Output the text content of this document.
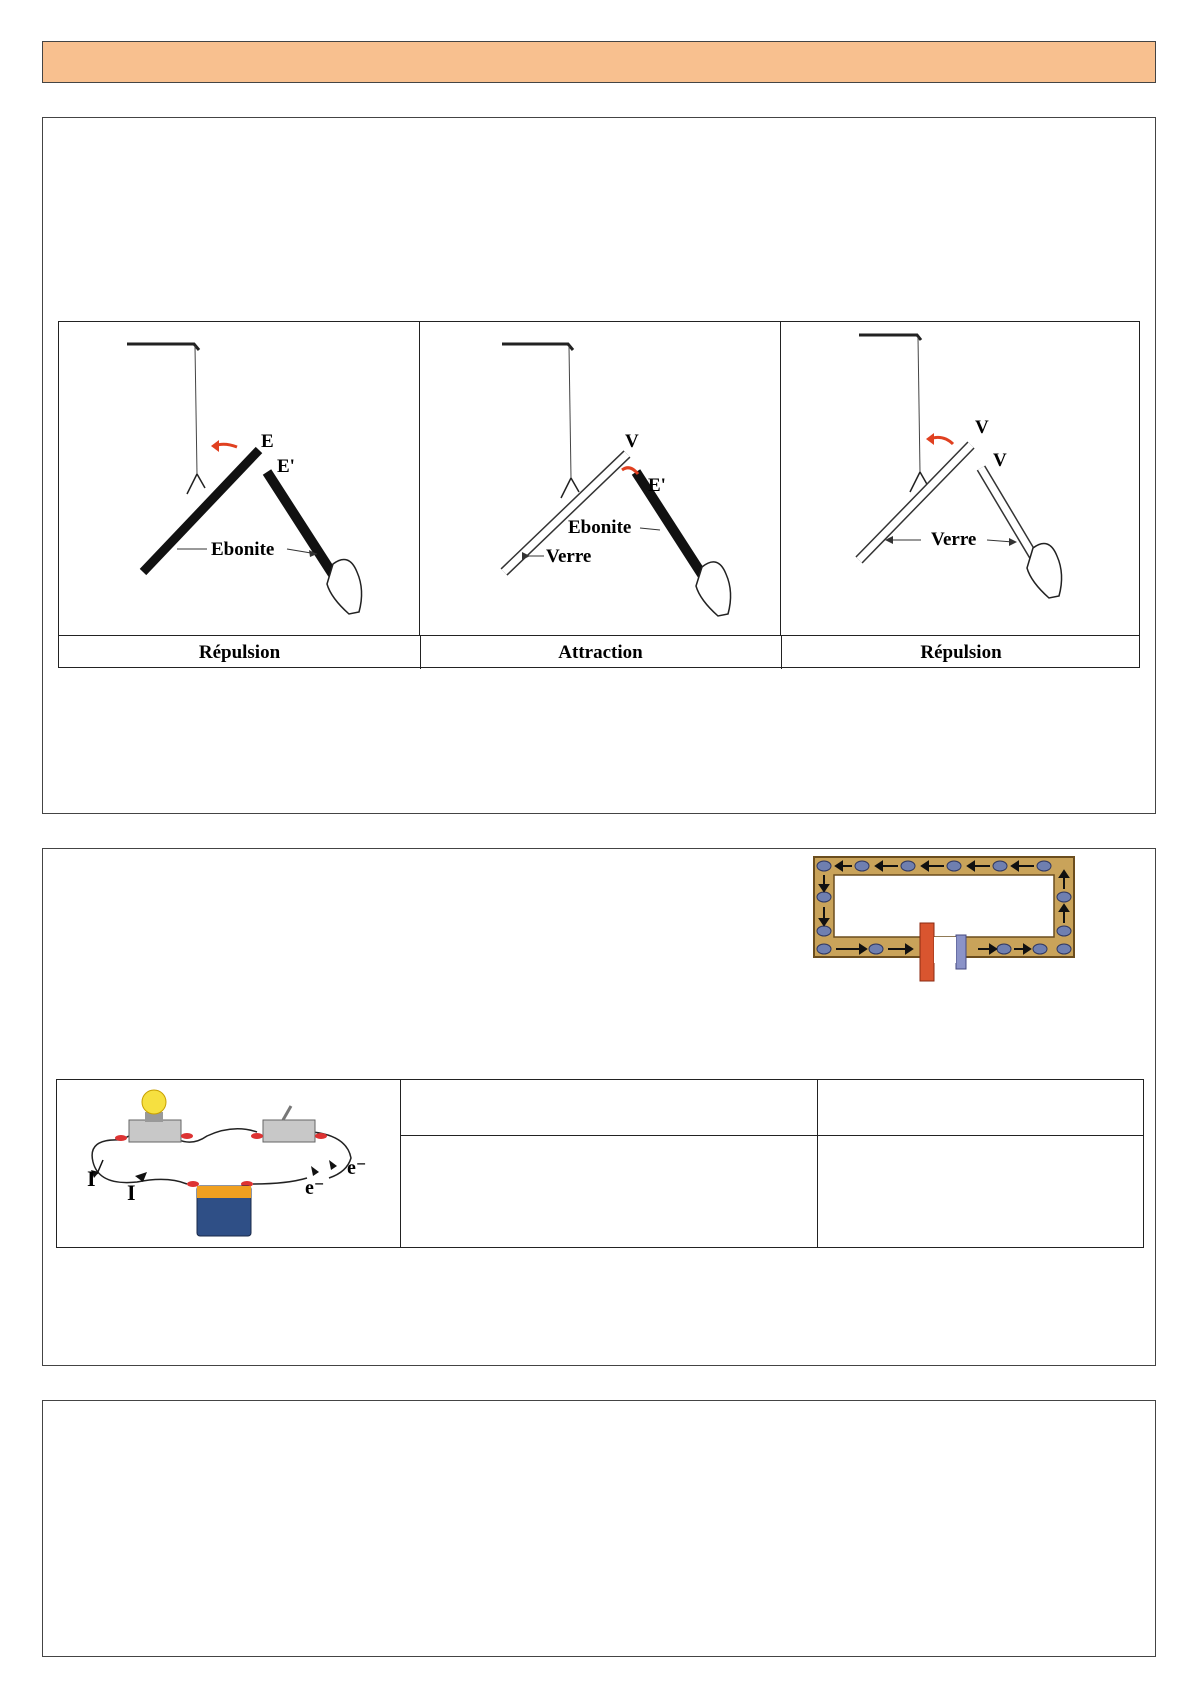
E
E'
Ebonite
V
E'
Ebonite
Verre
V
V
Verre
Répulsion	Attraction	Répulsion
I
I	e⁻
e⁻
